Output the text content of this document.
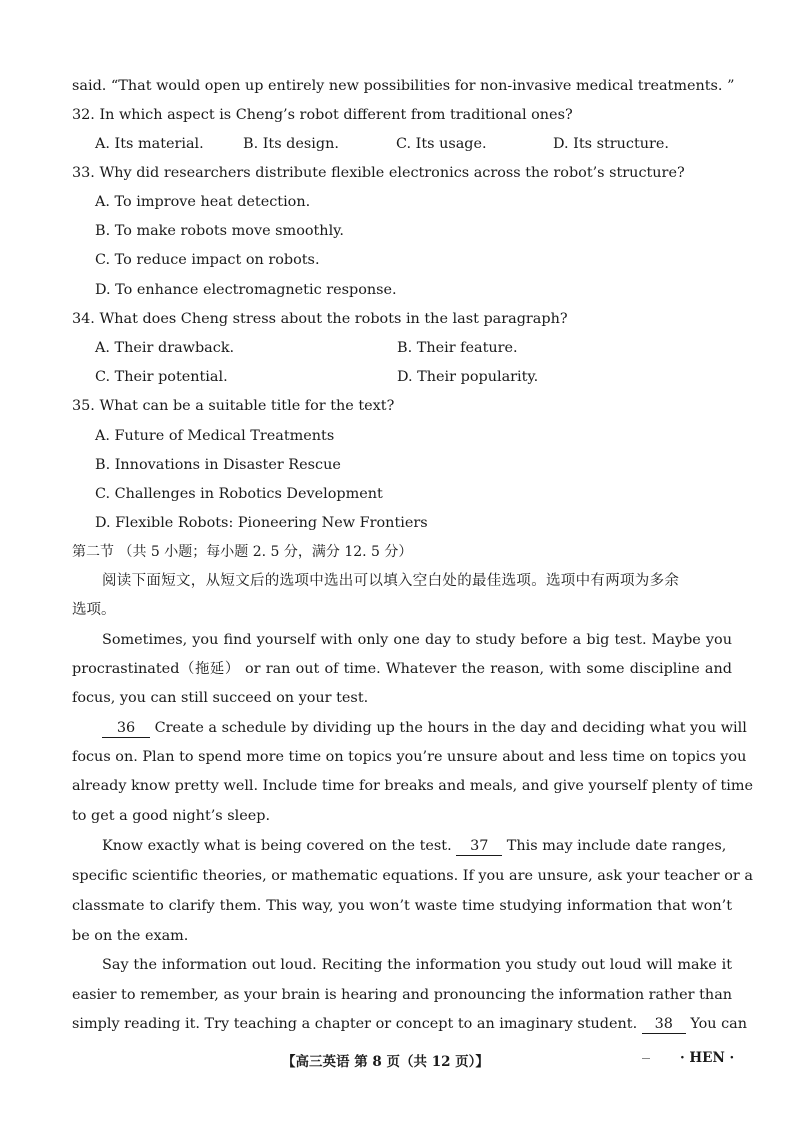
said. “That would open up entirely new possibilities for non-invasive medical treatments. ”
32. In which aspect is Cheng’s robot different from traditional ones?
A. Its material.	B. Its design.	C. Its usage.	D. Its structure.
33. Why did researchers distribute flexible electronics across the robot’s structure?
A. To improve heat detection.
B. To make robots move smoothly.
C. To reduce impact on robots.
D. To enhance electromagnetic response.
34. What does Cheng stress about the robots in the last paragraph?
A. Their drawback.	B. Their feature.
C. Their potential.	D. Their popularity.
35. What can be a suitable title for the text?
A. Future of Medical Treatments
B. Innovations in Disaster Rescue
C. Challenges in Robotics Development
D. Flexible Robots: Pioneering New Frontiers
第二节 （共 5 小题；每小题 2. 5 分，满分 12. 5 分）
阅读下面短文，从短文后的选项中选出可以填入空白处的最佳选项。选项中有两项为多余
选项。
Sometimes, you find yourself with only one day to study before a big test. Maybe you
procrastinated（拖延） or ran out of time. Whatever the reason, with some discipline and
focus, you can still succeed on your test.
36 Create a schedule by dividing up the hours in the day and deciding what you will
focus on. Plan to spend more time on topics you’re unsure about and less time on topics you
already know pretty well. Include time for breaks and meals, and give yourself plenty of time
to get a good night’s sleep.
Know exactly what is being covered on the test. 37 This may include date ranges,
specific scientific theories, or mathematic equations. If you are unsure, ask your teacher or a
classmate to clarify them. This way, you won’t waste time studying information that won’t
be on the exam.
Say the information out loud. Reciting the information you study out loud will make it
easier to remember, as your brain is hearing and pronouncing the information rather than
simply reading it. Try teaching a chapter or concept to an imaginary student. 38 You can
【高三英语 第 8 页（共 12 页）】	· HEN ·
